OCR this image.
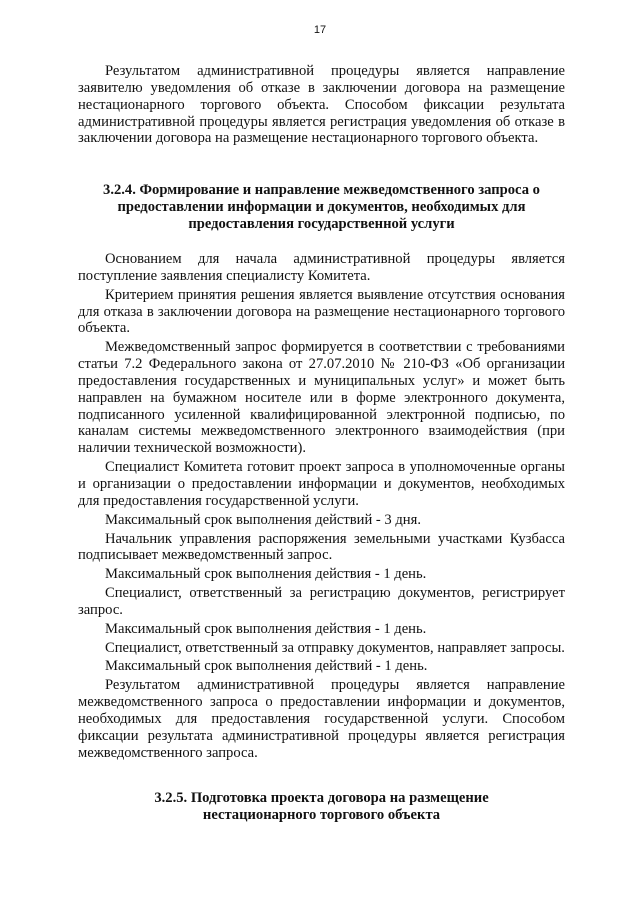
17

Результатом административной процедуры является направление заявителю уведомления об отказе в заключении договора на размещение нестационарного торгового объекта. Способом фиксации результата административной процедуры является регистрация уведомления об отказе в заключении договора на размещение нестационарного торгового объекта.

3.2.4. Формирование и направление межведомственного запроса о

предоставлении информации и документов, необходимых для

предоставления государственной услуги

Основанием для начала административной процедуры является поступление заявления специалисту Комитета.

Критерием принятия решения является выявление отсутствия основания для отказа в заключении договора на размещение нестационарного торгового объекта.

Межведомственный запрос формируется в соответствии с требованиями статьи 7.2 Федерального закона от 27.07.2010 № 210-ФЗ «Об организации предоставления государственных и муниципальных услуг» и может быть направлен на бумажном носителе или в форме электронного документа, подписанного усиленной квалифицированной электронной подписью, по каналам системы межведомственного электронного взаимодействия (при наличии технической возможности).

Специалист Комитета готовит проект запроса в уполномоченные органы и организации о предоставлении информации и документов, необходимых для предоставления государственной услуги.

Максимальный срок выполнения действий - 3 дня.

Начальник управления распоряжения земельными участками Кузбасса подписывает межведомственный запрос.

Максимальный срок выполнения действия - 1 день.

Специалист, ответственный за регистрацию документов, регистрирует запрос.

Максимальный срок выполнения действия - 1 день.

Специалист, ответственный за отправку документов, направляет запросы.

Максимальный срок выполнения действий - 1 день.

Результатом административной процедуры является направление межведомственного запроса о предоставлении информации и документов, необходимых для предоставления государственной услуги. Способом фиксации результата административной процедуры является регистрация межведомственного запроса.

3.2.5. Подготовка проекта договора на размещение

нестационарного торгового объекта
